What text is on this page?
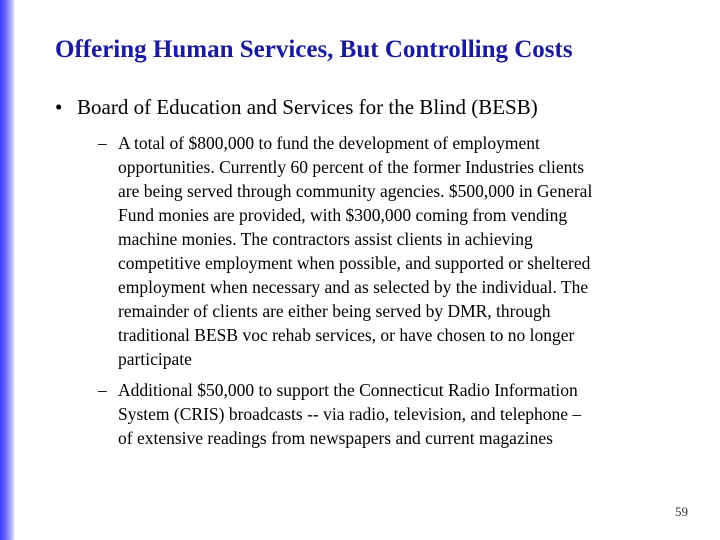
Offering Human Services, But Controlling Costs
• Board of Education and Services for the Blind (BESB)
– A total of $800,000 to fund the development of employment
opportunities. Currently 60 percent of the former Industries clients
are being served through community agencies. $500,000 in General
Fund monies are provided, with $300,000 coming from vending
machine monies. The contractors assist clients in achieving
competitive employment when possible, and supported or sheltered
employment when necessary and as selected by the individual. The
remainder of clients are either being served by DMR, through
traditional BESB voc rehab services, or have chosen to no longer
participate
– Additional $50,000 to support the Connecticut Radio Information
System (CRIS) broadcasts -- via radio, television, and telephone –
of extensive readings from newspapers and current magazines
59
